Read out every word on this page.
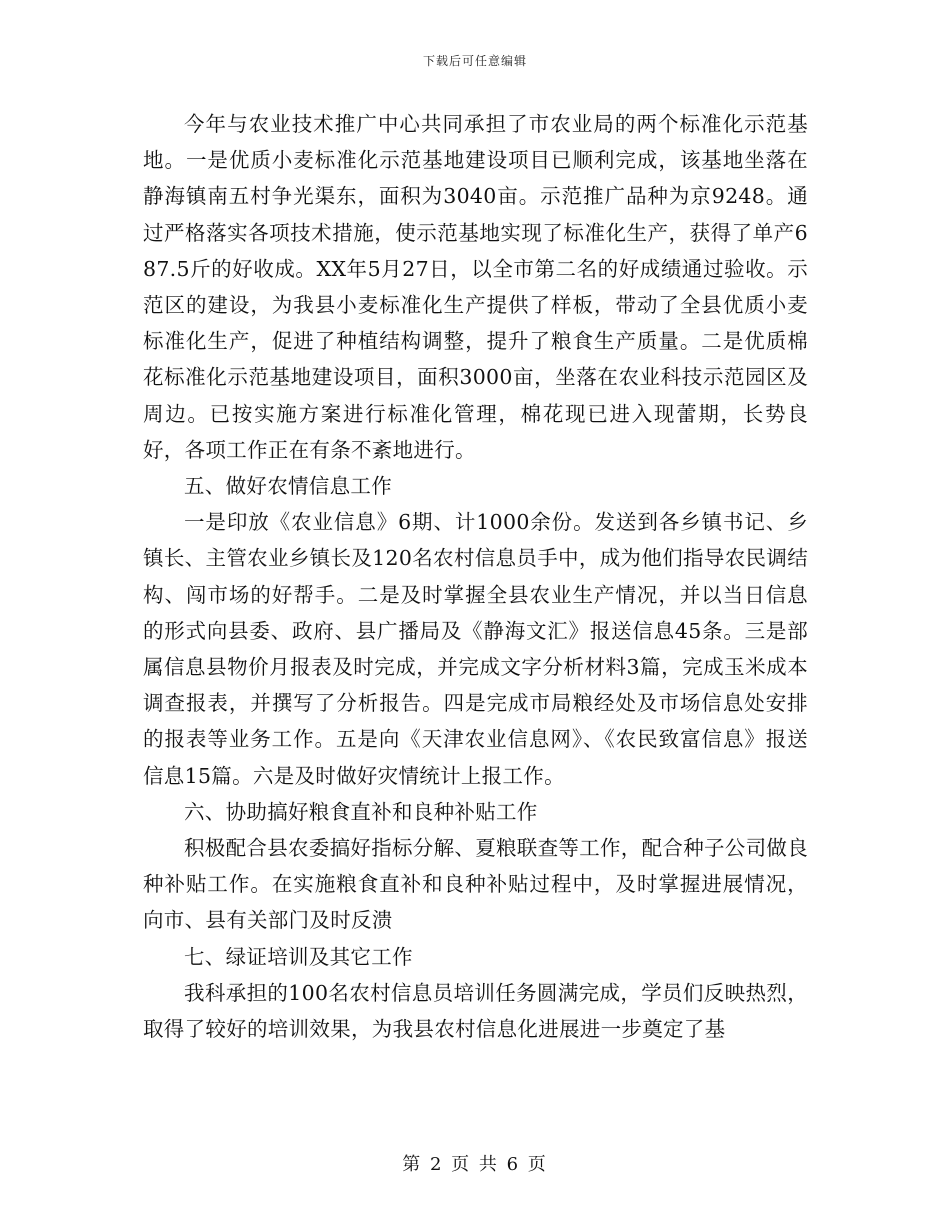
下载后可任意编辑

今年与农业技术推广中心共同承担了市农业局的两个标准化示范基地。一是优质小麦标准化示范基地建设项目已顺利完成，该基地坐落在静海镇南五村争光渠东，面积为3040亩。示范推广品种为京9248。通过严格落实各项技术措施，使示范基地实现了标准化生产，获得了单产687.5斤的好收成。XX年5月27日，以全市第二名的好成绩通过验收。示范区的建设，为我县小麦标准化生产提供了样板，带动了全县优质小麦标准化生产，促进了种植结构调整，提升了粮食生产质量。二是优质棉花标准化示范基地建设项目，面积3000亩，坐落在农业科技示范园区及周边。已按实施方案进行标准化管理，棉花现已进入现蕾期，长势良好，各项工作正在有条不紊地进行。

五、做好农情信息工作

一是印放《农业信息》6期、计1000余份。发送到各乡镇书记、乡镇长、主管农业乡镇长及120名农村信息员手中，成为他们指导农民调结构、闯市场的好帮手。二是及时掌握全县农业生产情况，并以当日信息的形式向县委、政府、县广播局及《静海文汇》报送信息45条。三是部属信息县物价月报表及时完成，并完成文字分析材料3篇，完成玉米成本调查报表，并撰写了分析报告。四是完成市局粮经处及市场信息处安排的报表等业务工作。五是向《天津农业信息网》、《农民致富信息》报送信息15篇。六是及时做好灾情统计上报工作。

六、协助搞好粮食直补和良种补贴工作

积极配合县农委搞好指标分解、夏粮联查等工作，配合种子公司做良种补贴工作。在实施粮食直补和良种补贴过程中，及时掌握进展情况，向市、县有关部门及时反溃

七、绿证培训及其它工作

我科承担的100名农村信息员培训任务圆满完成，学员们反映热烈，取得了较好的培训效果，为我县农村信息化进展进一步奠定了基

第 2 页 共 6 页
